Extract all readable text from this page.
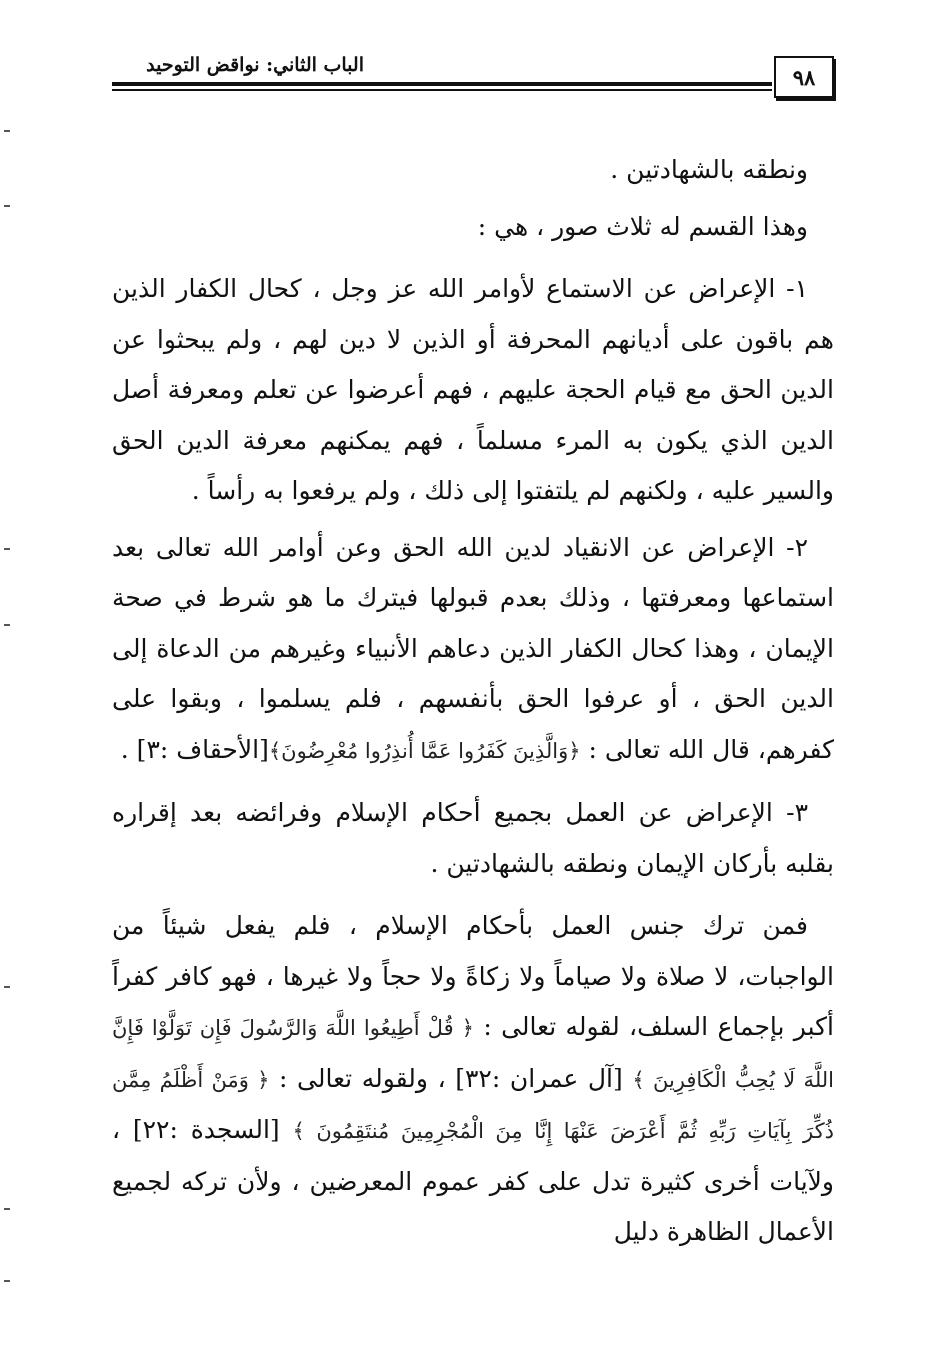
الباب الثاني: نواقض التوحيد	٩٨

ونطقه بالشهادتين .

وهذا القسم له ثلاث صور ، هي :

١- الإعراض عن الاستماع لأوامر الله عز وجل ، كحال الكفار الذين هم باقون على أديانهم المحرفة أو الذين لا دين لهم ، ولم يبحثوا عن الدين الحق مع قيام الحجة عليهم ، فهم أعرضوا عن تعلم ومعرفة أصل الدين الذي يكون به المرء مسلماً ، فهم يمكنهم معرفة الدين الحق والسير عليه ، ولكنهم لم يلتفتوا إلى ذلك ، ولم يرفعوا به رأساً .

٢- الإعراض عن الانقياد لدين الله الحق وعن أوامر الله تعالى بعد استماعها ومعرفتها ، وذلك بعدم قبولها فيترك ما هو شرط في صحة الإيمان ، وهذا كحال الكفار الذين دعاهم الأنبياء وغيرهم من الدعاة إلى الدين الحق ، أو عرفوا الحق بأنفسهم ، فلم يسلموا ، وبقوا على كفرهم، قال الله تعالى : ﴿وَالَّذِينَ كَفَرُوا عَمَّا أُنذِرُوا مُعْرِضُونَ﴾[الأحقاف :٣] .

٣- الإعراض عن العمل بجميع أحكام الإسلام وفرائضه بعد إقراره بقلبه بأركان الإيمان ونطقه بالشهادتين .

فمن ترك جنس العمل بأحكام الإسلام ، فلم يفعل شيئاً من الواجبات، لا صلاة ولا صياماً ولا زكاةً ولا حجاً ولا غيرها ، فهو كافر كفراً أكبر بإجماع السلف، لقوله تعالى : ﴿ قُلْ أَطِيعُوا اللَّهَ وَالرَّسُولَ فَإِن تَوَلَّوْا فَإِنَّ اللَّهَ لَا يُحِبُّ الْكَافِرِينَ ﴾ [آل عمران :٣٢] ، ولقوله تعالى : ﴿ وَمَنْ أَظْلَمُ مِمَّن ذُكِّرَ بِآيَاتِ رَبِّهِ ثُمَّ أَعْرَضَ عَنْهَا إِنَّا مِنَ الْمُجْرِمِينَ مُنتَقِمُونَ ﴾ [السجدة :٢٢] ، ولآيات أخرى كثيرة تدل على كفر عموم المعرضين ، ولأن تركه لجميع الأعمال الظاهرة دليل
